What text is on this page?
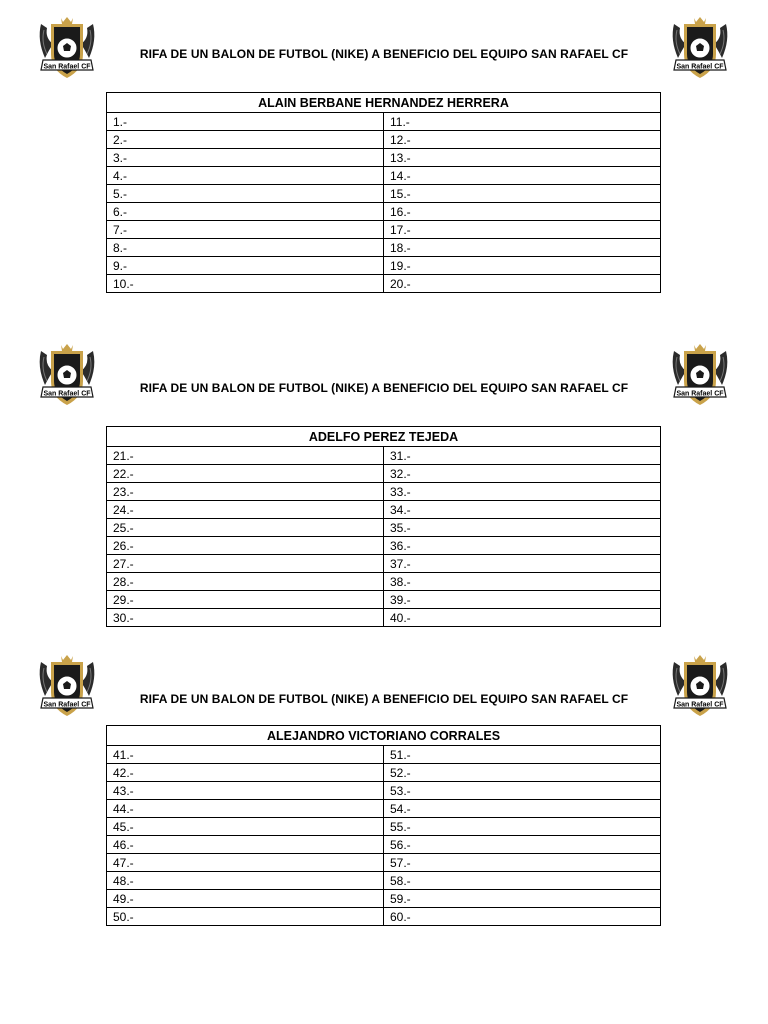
San Rafael CF	San Rafael CF
RIFA DE UN BALON DE FUTBOL (NIKE) A BENEFICIO DEL EQUIPO SAN RAFAEL CF
ALAIN BERBANE HERNANDEZ HERRERA	
1.-	11.-
2.-	12.-
3.-	13.-
4.-	14.-
5.-	15.-
6.-	16.-
7.-	17.-
8.-	18.-
9.-	19.-
10.-	20.-
San Rafael CF	San Rafael CF
RIFA DE UN BALON DE FUTBOL (NIKE) A BENEFICIO DEL EQUIPO SAN RAFAEL CF
ADELFO PEREZ TEJEDA	
21.-	31.-
22.-	32.-
23.-	33.-
24.-	34.-
25.-	35.-
26.-	36.-
27.-	37.-
28.-	38.-
29.-	39.-
30.-	40.-
San Rafael CF	San Rafael CF
RIFA DE UN BALON DE FUTBOL (NIKE) A BENEFICIO DEL EQUIPO SAN RAFAEL CF
ALEJANDRO VICTORIANO CORRALES	
41.-	51.-
42.-	52.-
43.-	53.-
44.-	54.-
45.-	55.-
46.-	56.-
47.-	57.-
48.-	58.-
49.-	59.-
50.-	60.-
